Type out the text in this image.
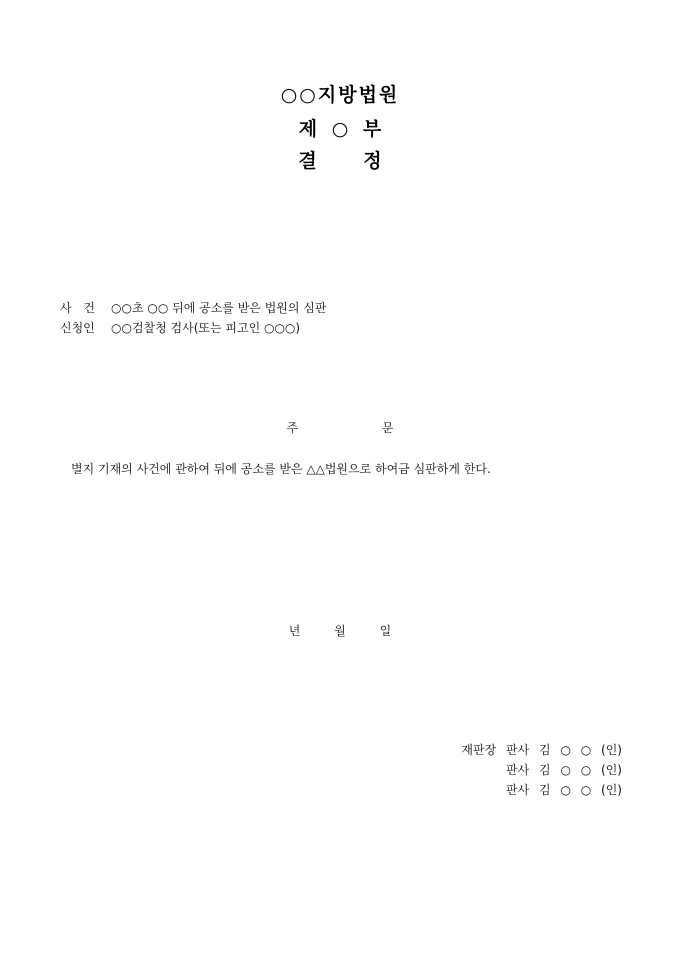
○○지방법원
제 ○ 부
결 정
사 건 ○○초 ○○ 뒤에 공소를 받은 법원의 심판
신청인 ○○검찰청 검사(또는 피고인 ○○○)
주 문
별지 기재의 사건에 관하여 뒤에 공소를 받은 △△법원으로 하여금 심판하게 한다.
년 월 일
재판장 판사 김 ○ ○ (인)
판사 김 ○ ○ (인)
판사 김 ○ ○ (인)
